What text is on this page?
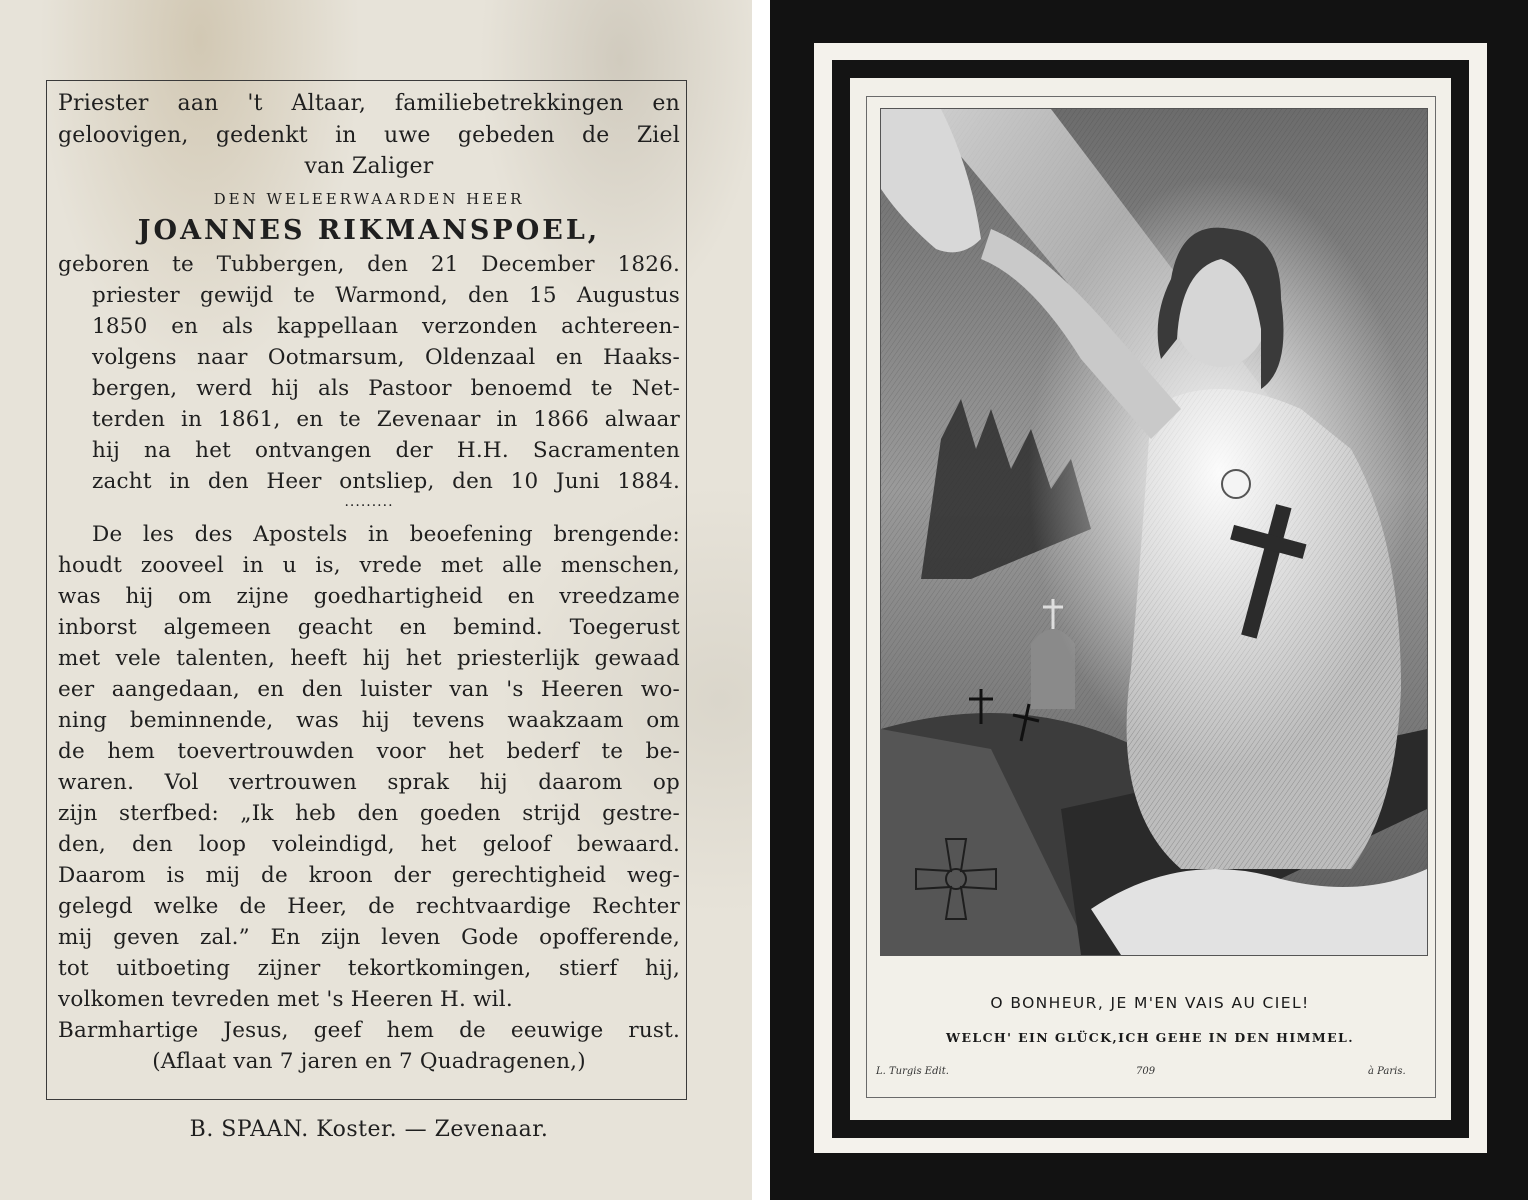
Priester aan 't Altaar, familiebetrekkingen en
geloovigen, gedenkt in uwe gebeden de Ziel
van Zaliger
DEN WELEERWAARDEN HEER
JOANNES RIKMANSPOEL,
geboren te Tubbergen, den 21 December 1826.
priester gewijd te Warmond, den 15 Augustus
1850 en als kappellaan verzonden achtereen-
volgens naar Ootmarsum, Oldenzaal en Haaks-
bergen, werd hij als Pastoor benoemd te Net-
terden in 1861, en te Zevenaar in 1866 alwaar
hij na het ontvangen der H.H. Sacramenten
zacht in den Heer ontsliep, den 10 Juni 1884.
·········
De les des Apostels in beoefening brengende:
houdt zooveel in u is, vrede met alle menschen,
was hij om zijne goedhartigheid en vreedzame
inborst algemeen geacht en bemind. Toegerust
met vele talenten, heeft hij het priesterlijk gewaad
eer aangedaan, en den luister van 's Heeren wo-
ning beminnende, was hij tevens waakzaam om
de hem toevertrouwden voor het bederf te be-
waren. Vol vertrouwen sprak hij daarom op
zijn sterfbed: „Ik heb den goeden strijd gestre-
den, den loop voleindigd, het geloof bewaard.
Daarom is mij de kroon der gerechtigheid weg-
gelegd welke de Heer, de rechtvaardige Rechter
mij geven zal.” En zijn leven Gode opofferende,
tot uitboeting zijner tekortkomingen, stierf hij,
volkomen tevreden met 's Heeren H. wil.
Barmhartige Jesus, geef hem de eeuwige rust.
(Aflaat van 7 jaren en 7 Quadragenen,)
B. SPAAN. Koster. — Zevenaar.
O BONHEUR, JE M'EN VAIS AU CIEL!
WELCH' EIN GLÜCK,ICH GEHE IN DEN HIMMEL.
L. Turgis Edit.	709	à Paris.
